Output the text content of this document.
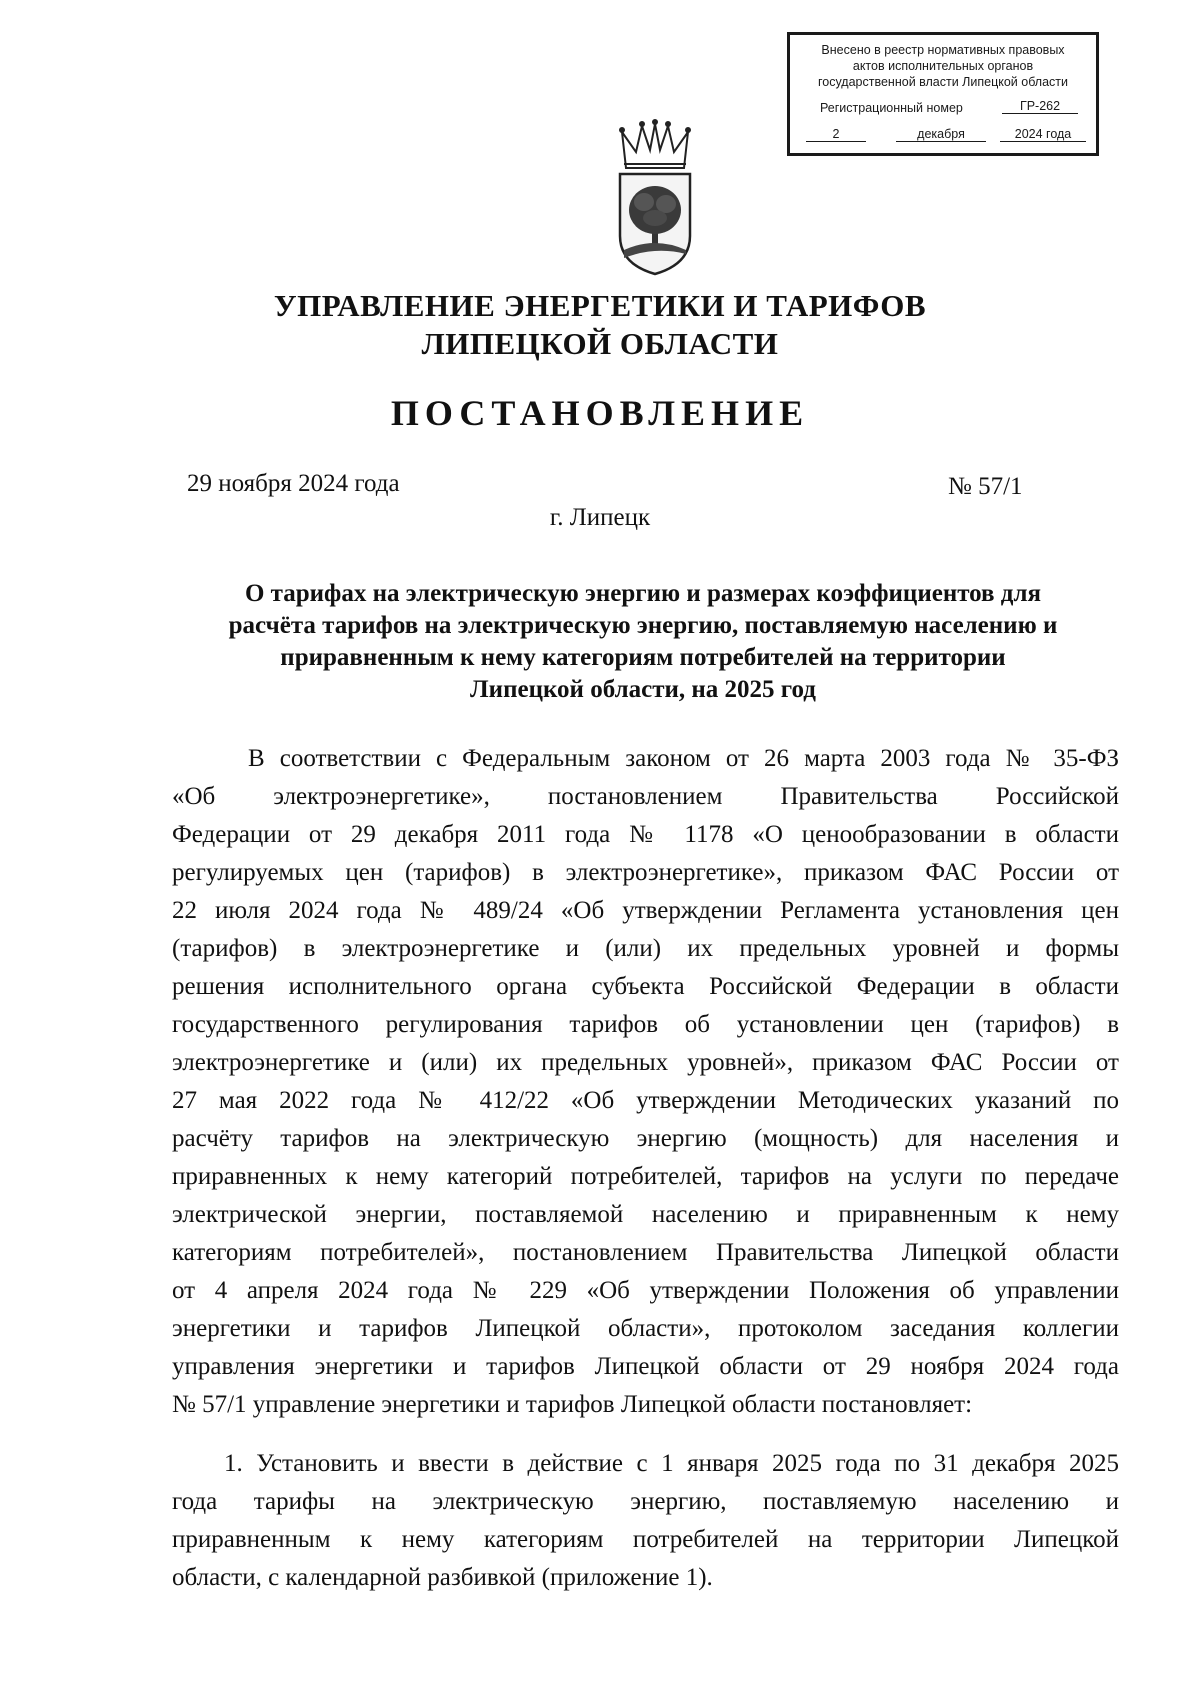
Внесено в реестр нормативных правовых
актов исполнительных органов
государственной власти Липецкой области
Регистрационный номер	ГР-262
2	декабря	2024 года
УПРАВЛЕНИЕ ЭНЕРГЕТИКИ И ТАРИФОВ
ЛИПЕЦКОЙ ОБЛАСТИ
ПОСТАНОВЛЕНИЕ
29 ноября 2024 года	№ 57/1
г. Липецк
О тарифах на электрическую энергию и размерах коэффициентов для
расчёта тарифов на электрическую энергию, поставляемую населению и
приравненным к нему категориям потребителей на территории
Липецкой области, на 2025 год
В соответствии с Федеральным законом от 26 марта 2003 года № 35-ФЗ
«Об электроэнергетике», постановлением Правительства Российской
Федерации от 29 декабря 2011 года № 1178 «О ценообразовании в области
регулируемых цен (тарифов) в электроэнергетике», приказом ФАС России от
22 июля 2024 года № 489/24 «Об утверждении Регламента установления цен
(тарифов) в электроэнергетике и (или) их предельных уровней и формы
решения исполнительного органа субъекта Российской Федерации в области
государственного регулирования тарифов об установлении цен (тарифов) в
электроэнергетике и (или) их предельных уровней», приказом ФАС России от
27 мая 2022 года № 412/22 «Об утверждении Методических указаний по
расчёту тарифов на электрическую энергию (мощность) для населения и
приравненных к нему категорий потребителей, тарифов на услуги по передаче
электрической энергии, поставляемой населению и приравненным к нему
категориям потребителей», постановлением Правительства Липецкой области
от 4 апреля 2024 года № 229 «Об утверждении Положения об управлении
энергетики и тарифов Липецкой области», протоколом заседания коллегии
управления энергетики и тарифов Липецкой области от 29 ноября 2024 года
№ 57/1 управление энергетики и тарифов Липецкой области постановляет:
1. Установить и ввести в действие с 1 января 2025 года по 31 декабря 2025
года тарифы на электрическую энергию, поставляемую населению и
приравненным к нему категориям потребителей на территории Липецкой
области, с календарной разбивкой (приложение 1).
